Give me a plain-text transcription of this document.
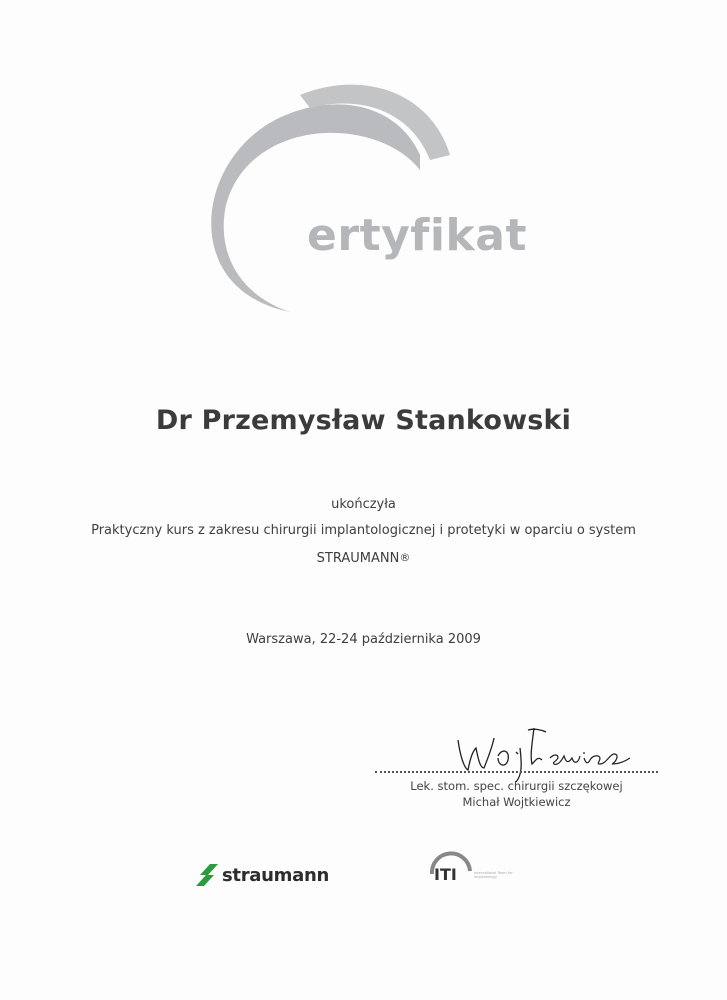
ertyfikat
Dr Przemysław Stankowski
ukończyła
Praktyczny kurs z zakresu chirurgii implantologicznej i protetyki w oparciu o system
STRAUMANN®
Warszawa, 22-24 października 2009
Lek. stom. spec. chirurgii szczękowej
Michał Wojtkiewicz
straumann	ITI	International Team for Implantology
